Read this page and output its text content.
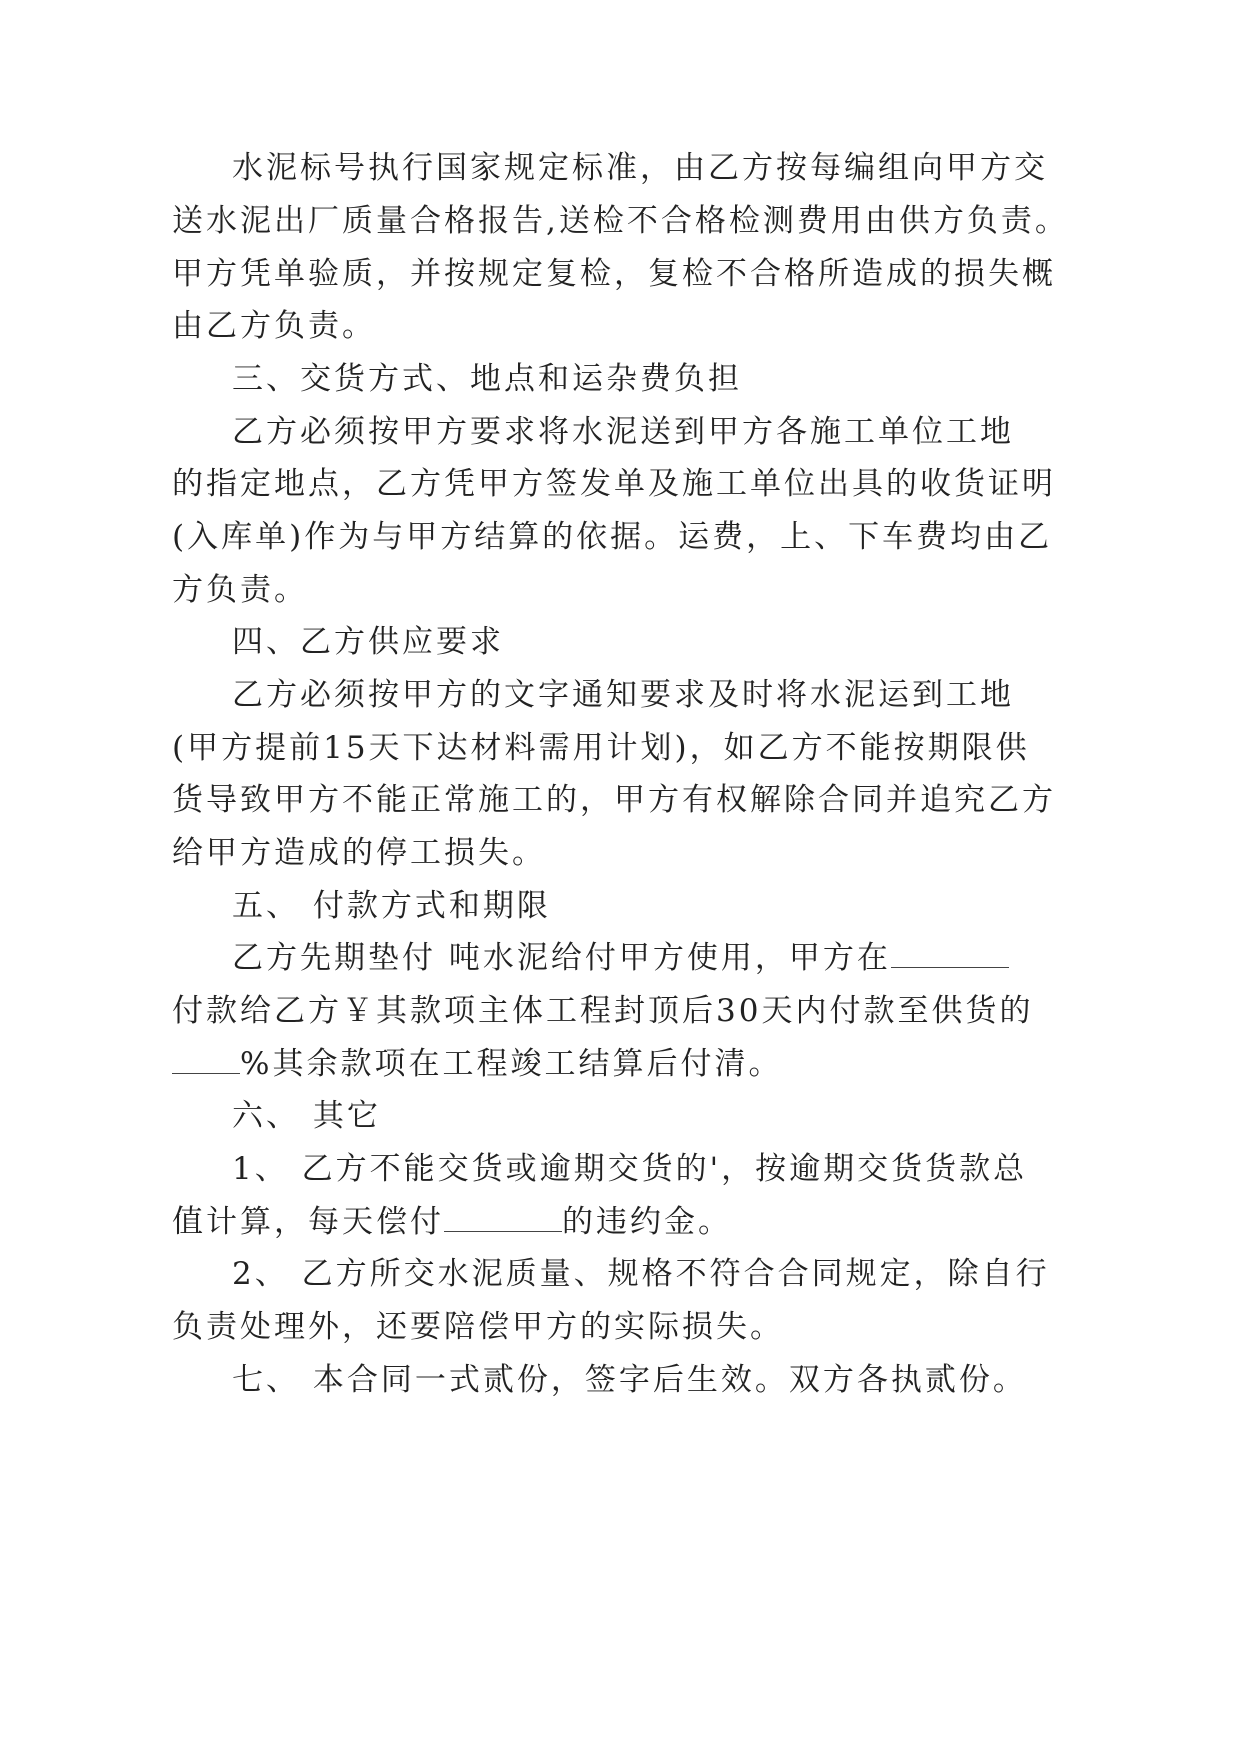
水泥标号执行国家规定标准，由乙方按每编组向甲方交
送水泥出厂质量合格报告,送检不合格检测费用由供方负责。
甲方凭单验质，并按规定复检，复检不合格所造成的损失概
由乙方负责。
三、交货方式、地点和运杂费负担
乙方必须按甲方要求将水泥送到甲方各施工单位工地
的指定地点，乙方凭甲方签发单及施工单位出具的收货证明
(入库单)作为与甲方结算的依据。运费，上、下车费均由乙
方负责。
四、乙方供应要求
乙方必须按甲方的文字通知要求及时将水泥运到工地
(甲方提前15天下达材料需用计划)，如乙方不能按期限供
货导致甲方不能正常施工的，甲方有权解除合同并追究乙方
给甲方造成的停工损失。
五、 付款方式和期限
乙方先期垫付 吨水泥给付甲方使用，甲方在
付款给乙方￥其款项主体工程封顶后30天内付款至供货的
%其余款项在工程竣工结算后付清。
六、 其它
1、 乙方不能交货或逾期交货的'，按逾期交货货款总
值计算，每天偿付	的违约金。
2、 乙方所交水泥质量、规格不符合合同规定，除自行
负责处理外，还要陪偿甲方的实际损失。
七、 本合同一式贰份，签字后生效。双方各执贰份。
